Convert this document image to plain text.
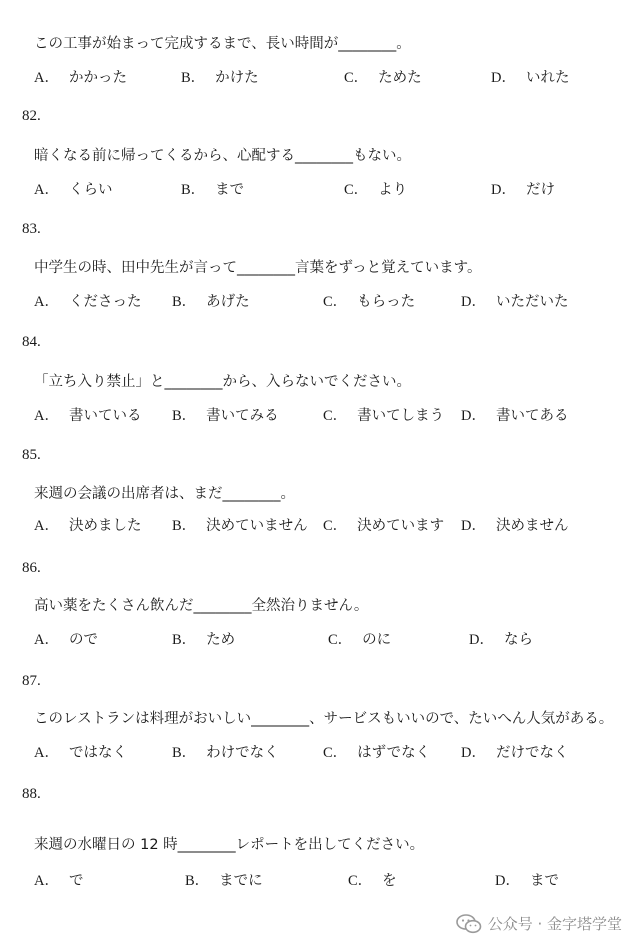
この工事が始まって完成するまで、長い時間が________。
A． かかった	B． かけた	C． ためた	D． いれた
82.
暗くなる前に帰ってくるから、心配する________もない。
A． くらい	B． まで	C． より	D． だけ
83.
中学生の時、田中先生が言って________言葉をずっと覚えています。
A． くださった B． あげた	C． もらった	D． いただいた
84.
「立ち入り禁止」と________から、入らないでください。
A． 書いている B． 書いてみる	C． 書いてしまう D． 書いてある
85.
来週の会議の出席者は、まだ________。
A． 決めました B． 決めていません C． 決めています D． 決めません
86.
高い薬をたくさん飲んだ________全然治りません。
A． ので	B． ため	C． のに	D． なら
87.
このレストランは料理がおいしい________、サービスもいいので、たいへん人気がある。
A． ではなく	B． わけでなく	C． はずでなく D． だけでなく
88.
来週の水曜日の 12 時________レポートを出してください。
A． で	B． までに	C． を	D． まで
公众号 · 金字塔学堂
